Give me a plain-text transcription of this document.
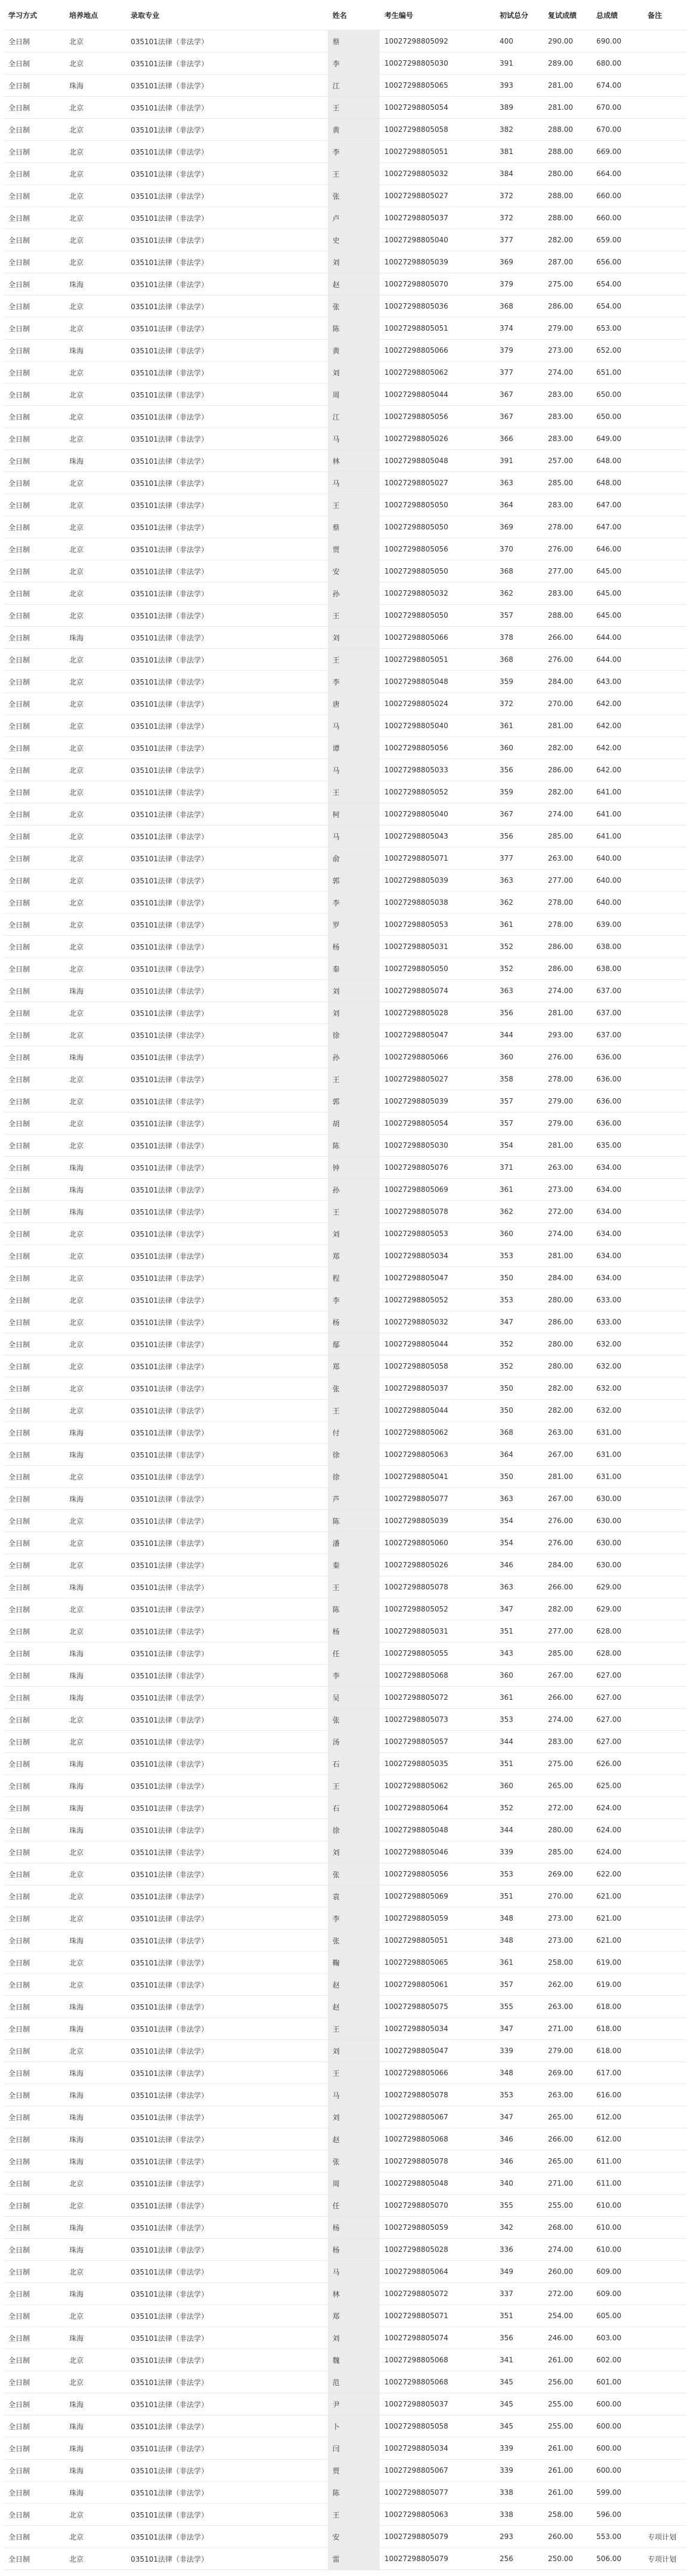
学习方式	培养地点	录取专业	姓名	考生编号	初试总分	复试成绩	总成绩	备注
全日制	北京	035101法律（非法学）	蔡	10027298805092	400	290.00	690.00	
全日制	北京	035101法律（非法学）	李	10027298805030	391	289.00	680.00	
全日制	珠海	035101法律（非法学）	江	10027298805065	393	281.00	674.00	
全日制	北京	035101法律（非法学）	王	10027298805054	389	281.00	670.00	
全日制	北京	035101法律（非法学）	黄	10027298805058	382	288.00	670.00	
全日制	北京	035101法律（非法学）	李	10027298805051	381	288.00	669.00	
全日制	北京	035101法律（非法学）	王	10027298805032	384	280.00	664.00	
全日制	北京	035101法律（非法学）	张	10027298805027	372	288.00	660.00	
全日制	北京	035101法律（非法学）	卢	10027298805037	372	288.00	660.00	
全日制	北京	035101法律（非法学）	史	10027298805040	377	282.00	659.00	
全日制	北京	035101法律（非法学）	刘	10027298805039	369	287.00	656.00	
全日制	珠海	035101法律（非法学）	赵	10027298805070	379	275.00	654.00	
全日制	北京	035101法律（非法学）	张	10027298805036	368	286.00	654.00	
全日制	北京	035101法律（非法学）	陈	10027298805051	374	279.00	653.00	
全日制	珠海	035101法律（非法学）	黄	10027298805066	379	273.00	652.00	
全日制	北京	035101法律（非法学）	刘	10027298805062	377	274.00	651.00	
全日制	北京	035101法律（非法学）	周	10027298805044	367	283.00	650.00	
全日制	北京	035101法律（非法学）	江	10027298805056	367	283.00	650.00	
全日制	北京	035101法律（非法学）	马	10027298805026	366	283.00	649.00	
全日制	珠海	035101法律（非法学）	林	10027298805048	391	257.00	648.00	
全日制	北京	035101法律（非法学）	马	10027298805027	363	285.00	648.00	
全日制	北京	035101法律（非法学）	王	10027298805050	364	283.00	647.00	
全日制	北京	035101法律（非法学）	蔡	10027298805050	369	278.00	647.00	
全日制	北京	035101法律（非法学）	贾	10027298805056	370	276.00	646.00	
全日制	北京	035101法律（非法学）	安	10027298805050	368	277.00	645.00	
全日制	北京	035101法律（非法学）	孙	10027298805032	362	283.00	645.00	
全日制	北京	035101法律（非法学）	王	10027298805050	357	288.00	645.00	
全日制	珠海	035101法律（非法学）	刘	10027298805066	378	266.00	644.00	
全日制	北京	035101法律（非法学）	王	10027298805051	368	276.00	644.00	
全日制	北京	035101法律（非法学）	李	10027298805048	359	284.00	643.00	
全日制	北京	035101法律（非法学）	唐	10027298805024	372	270.00	642.00	
全日制	北京	035101法律（非法学）	马	10027298805040	361	281.00	642.00	
全日制	北京	035101法律（非法学）	谭	10027298805056	360	282.00	642.00	
全日制	北京	035101法律（非法学）	马	10027298805033	356	286.00	642.00	
全日制	北京	035101法律（非法学）	王	10027298805052	359	282.00	641.00	
全日制	北京	035101法律（非法学）	柯	10027298805040	367	274.00	641.00	
全日制	北京	035101法律（非法学）	马	10027298805043	356	285.00	641.00	
全日制	北京	035101法律（非法学）	俞	10027298805071	377	263.00	640.00	
全日制	北京	035101法律（非法学）	郭	10027298805039	363	277.00	640.00	
全日制	北京	035101法律（非法学）	李	10027298805038	362	278.00	640.00	
全日制	北京	035101法律（非法学）	罗	10027298805053	361	278.00	639.00	
全日制	北京	035101法律（非法学）	杨	10027298805031	352	286.00	638.00	
全日制	北京	035101法律（非法学）	秦	10027298805050	352	286.00	638.00	
全日制	珠海	035101法律（非法学）	刘	10027298805074	363	274.00	637.00	
全日制	北京	035101法律（非法学）	刘	10027298805028	356	281.00	637.00	
全日制	北京	035101法律（非法学）	徐	10027298805047	344	293.00	637.00	
全日制	珠海	035101法律（非法学）	孙	10027298805066	360	276.00	636.00	
全日制	北京	035101法律（非法学）	王	10027298805027	358	278.00	636.00	
全日制	北京	035101法律（非法学）	郭	10027298805039	357	279.00	636.00	
全日制	北京	035101法律（非法学）	胡	10027298805054	357	279.00	636.00	
全日制	北京	035101法律（非法学）	陈	10027298805030	354	281.00	635.00	
全日制	珠海	035101法律（非法学）	钟	10027298805076	371	263.00	634.00	
全日制	珠海	035101法律（非法学）	孙	10027298805069	361	273.00	634.00	
全日制	珠海	035101法律（非法学）	王	10027298805078	362	272.00	634.00	
全日制	北京	035101法律（非法学）	刘	10027298805053	360	274.00	634.00	
全日制	北京	035101法律（非法学）	郑	10027298805034	353	281.00	634.00	
全日制	北京	035101法律（非法学）	程	10027298805047	350	284.00	634.00	
全日制	北京	035101法律（非法学）	李	10027298805052	353	280.00	633.00	
全日制	北京	035101法律（非法学）	杨	10027298805032	347	286.00	633.00	
全日制	北京	035101法律（非法学）	鄢	10027298805044	352	280.00	632.00	
全日制	北京	035101法律（非法学）	郑	10027298805058	352	280.00	632.00	
全日制	北京	035101法律（非法学）	张	10027298805037	350	282.00	632.00	
全日制	北京	035101法律（非法学）	王	10027298805044	350	282.00	632.00	
全日制	珠海	035101法律（非法学）	付	10027298805062	368	263.00	631.00	
全日制	珠海	035101法律（非法学）	徐	10027298805063	364	267.00	631.00	
全日制	北京	035101法律（非法学）	徐	10027298805041	350	281.00	631.00	
全日制	珠海	035101法律（非法学）	芦	10027298805077	363	267.00	630.00	
全日制	北京	035101法律（非法学）	陈	10027298805039	354	276.00	630.00	
全日制	北京	035101法律（非法学）	潘	10027298805060	354	276.00	630.00	
全日制	北京	035101法律（非法学）	秦	10027298805026	346	284.00	630.00	
全日制	珠海	035101法律（非法学）	王	10027298805078	363	266.00	629.00	
全日制	北京	035101法律（非法学）	陈	10027298805052	347	282.00	629.00	
全日制	北京	035101法律（非法学）	杨	10027298805031	351	277.00	628.00	
全日制	珠海	035101法律（非法学）	任	10027298805055	343	285.00	628.00	
全日制	珠海	035101法律（非法学）	李	10027298805068	360	267.00	627.00	
全日制	珠海	035101法律（非法学）	吴	10027298805072	361	266.00	627.00	
全日制	北京	035101法律（非法学）	张	10027298805073	353	274.00	627.00	
全日制	北京	035101法律（非法学）	汤	10027298805057	344	283.00	627.00	
全日制	珠海	035101法律（非法学）	石	10027298805035	351	275.00	626.00	
全日制	珠海	035101法律（非法学）	王	10027298805062	360	265.00	625.00	
全日制	珠海	035101法律（非法学）	石	10027298805064	352	272.00	624.00	
全日制	珠海	035101法律（非法学）	徐	10027298805048	344	280.00	624.00	
全日制	北京	035101法律（非法学）	刘	10027298805046	339	285.00	624.00	
全日制	北京	035101法律（非法学）	张	10027298805056	353	269.00	622.00	
全日制	北京	035101法律（非法学）	袁	10027298805069	351	270.00	621.00	
全日制	北京	035101法律（非法学）	李	10027298805059	348	273.00	621.00	
全日制	珠海	035101法律（非法学）	张	10027298805051	348	273.00	621.00	
全日制	北京	035101法律（非法学）	鞠	10027298805065	361	258.00	619.00	
全日制	北京	035101法律（非法学）	赵	10027298805061	357	262.00	619.00	
全日制	珠海	035101法律（非法学）	赵	10027298805075	355	263.00	618.00	
全日制	珠海	035101法律（非法学）	王	10027298805034	347	271.00	618.00	
全日制	北京	035101法律（非法学）	刘	10027298805047	339	279.00	618.00	
全日制	珠海	035101法律（非法学）	王	10027298805066	348	269.00	617.00	
全日制	珠海	035101法律（非法学）	马	10027298805078	353	263.00	616.00	
全日制	珠海	035101法律（非法学）	刘	10027298805067	347	265.00	612.00	
全日制	珠海	035101法律（非法学）	赵	10027298805068	346	266.00	612.00	
全日制	珠海	035101法律（非法学）	张	10027298805078	346	265.00	611.00	
全日制	北京	035101法律（非法学）	周	10027298805048	340	271.00	611.00	
全日制	北京	035101法律（非法学）	任	10027298805070	355	255.00	610.00	
全日制	珠海	035101法律（非法学）	杨	10027298805059	342	268.00	610.00	
全日制	珠海	035101法律（非法学）	杨	10027298805028	336	274.00	610.00	
全日制	北京	035101法律（非法学）	马	10027298805064	349	260.00	609.00	
全日制	珠海	035101法律（非法学）	林	10027298805072	337	272.00	609.00	
全日制	北京	035101法律（非法学）	郑	10027298805071	351	254.00	605.00	
全日制	珠海	035101法律（非法学）	刘	10027298805074	356	246.00	603.00	
全日制	北京	035101法律（非法学）	魏	10027298805068	341	261.00	602.00	
全日制	北京	035101法律（非法学）	范	10027298805068	345	256.00	601.00	
全日制	珠海	035101法律（非法学）	尹	10027298805037	345	255.00	600.00	
全日制	珠海	035101法律（非法学）	卜	10027298805058	345	255.00	600.00	
全日制	珠海	035101法律（非法学）	闫	10027298805034	339	261.00	600.00	
全日制	珠海	035101法律（非法学）	贾	10027298805067	339	261.00	600.00	
全日制	珠海	035101法律（非法学）	陈	10027298805077	338	261.00	599.00	
全日制	北京	035101法律（非法学）	王	10027298805063	338	258.00	596.00	
全日制	北京	035101法律（非法学）	安	10027298805079	293	260.00	553.00	专项计划
全日制	北京	035101法律（非法学）	雷	10027298805079	256	250.00	506.00	专项计划
